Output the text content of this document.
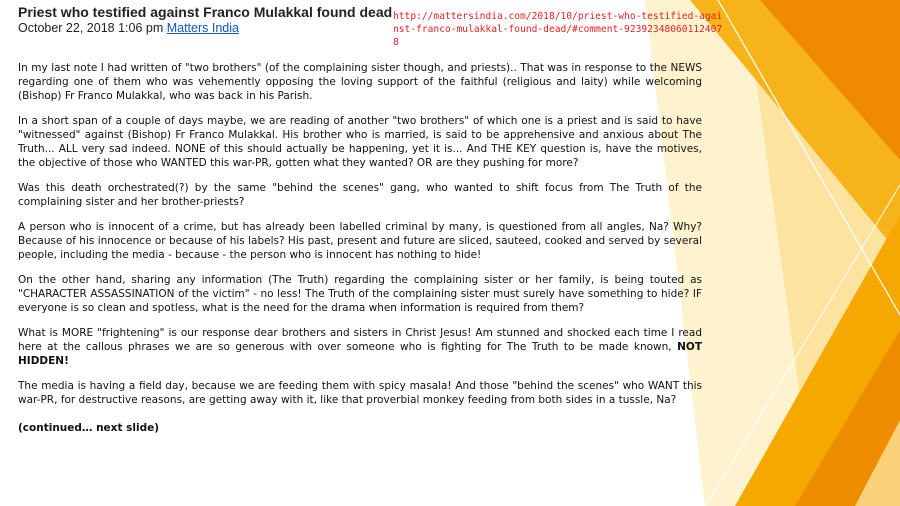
Priest who testified against Franco Mulakkal found dead
October 22, 2018 1:06 pm Matters India
http://mattersindia.com/2018/10/priest-who-testified-against-franco-mulakkal-found-dead/#comment-923923480601124078

In my last note I had written of "two brothers" (of the complaining sister though, and priests).. That was in response to the NEWS regarding one of them who was vehemently opposing the loving support of the faithful (religious and laity) while welcoming (Bishop) Fr Franco Mulakkal, who was back in his Parish.

In a short span of a couple of days maybe, we are reading of another "two brothers" of which one is a priest and is said to have "witnessed" against (Bishop) Fr Franco Mulakkal. His brother who is married, is said to be apprehensive and anxious about The Truth... ALL very sad indeed. NONE of this should actually be happening, yet it is... And THE KEY question is, have the motives, the objective of those who WANTED this war-PR, gotten what they wanted? OR are they pushing for more?

Was this death orchestrated(?) by the same "behind the scenes" gang, who wanted to shift focus from The Truth of the complaining sister and her brother-priests?

A person who is innocent of a crime, but has already been labelled criminal by many, is questioned from all angles, Na? Why? Because of his innocence or because of his labels? His past, present and future are sliced, sauteed, cooked and served by several people, including the media - because - the person who is innocent has nothing to hide!

On the other hand, sharing any information (The Truth) regarding the complaining sister or her family, is being touted as "CHARACTER ASSASSINATION of the victim" - no less! The Truth of the complaining sister must surely have something to hide? IF everyone is so clean and spotless, what is the need for the drama when information is required from them?

What is MORE "frightening" is our response dear brothers and sisters in Christ Jesus! Am stunned and shocked each time I read here at the callous phrases we are so generous with over someone who is fighting for The Truth to be made known, NOT HIDDEN!

The media is having a field day, because we are feeding them with spicy masala! And those "behind the scenes" who WANT this war-PR, for destructive reasons, are getting away with it, like that proverbial monkey feeding from both sides in a tussle, Na?

(continued… next slide)
